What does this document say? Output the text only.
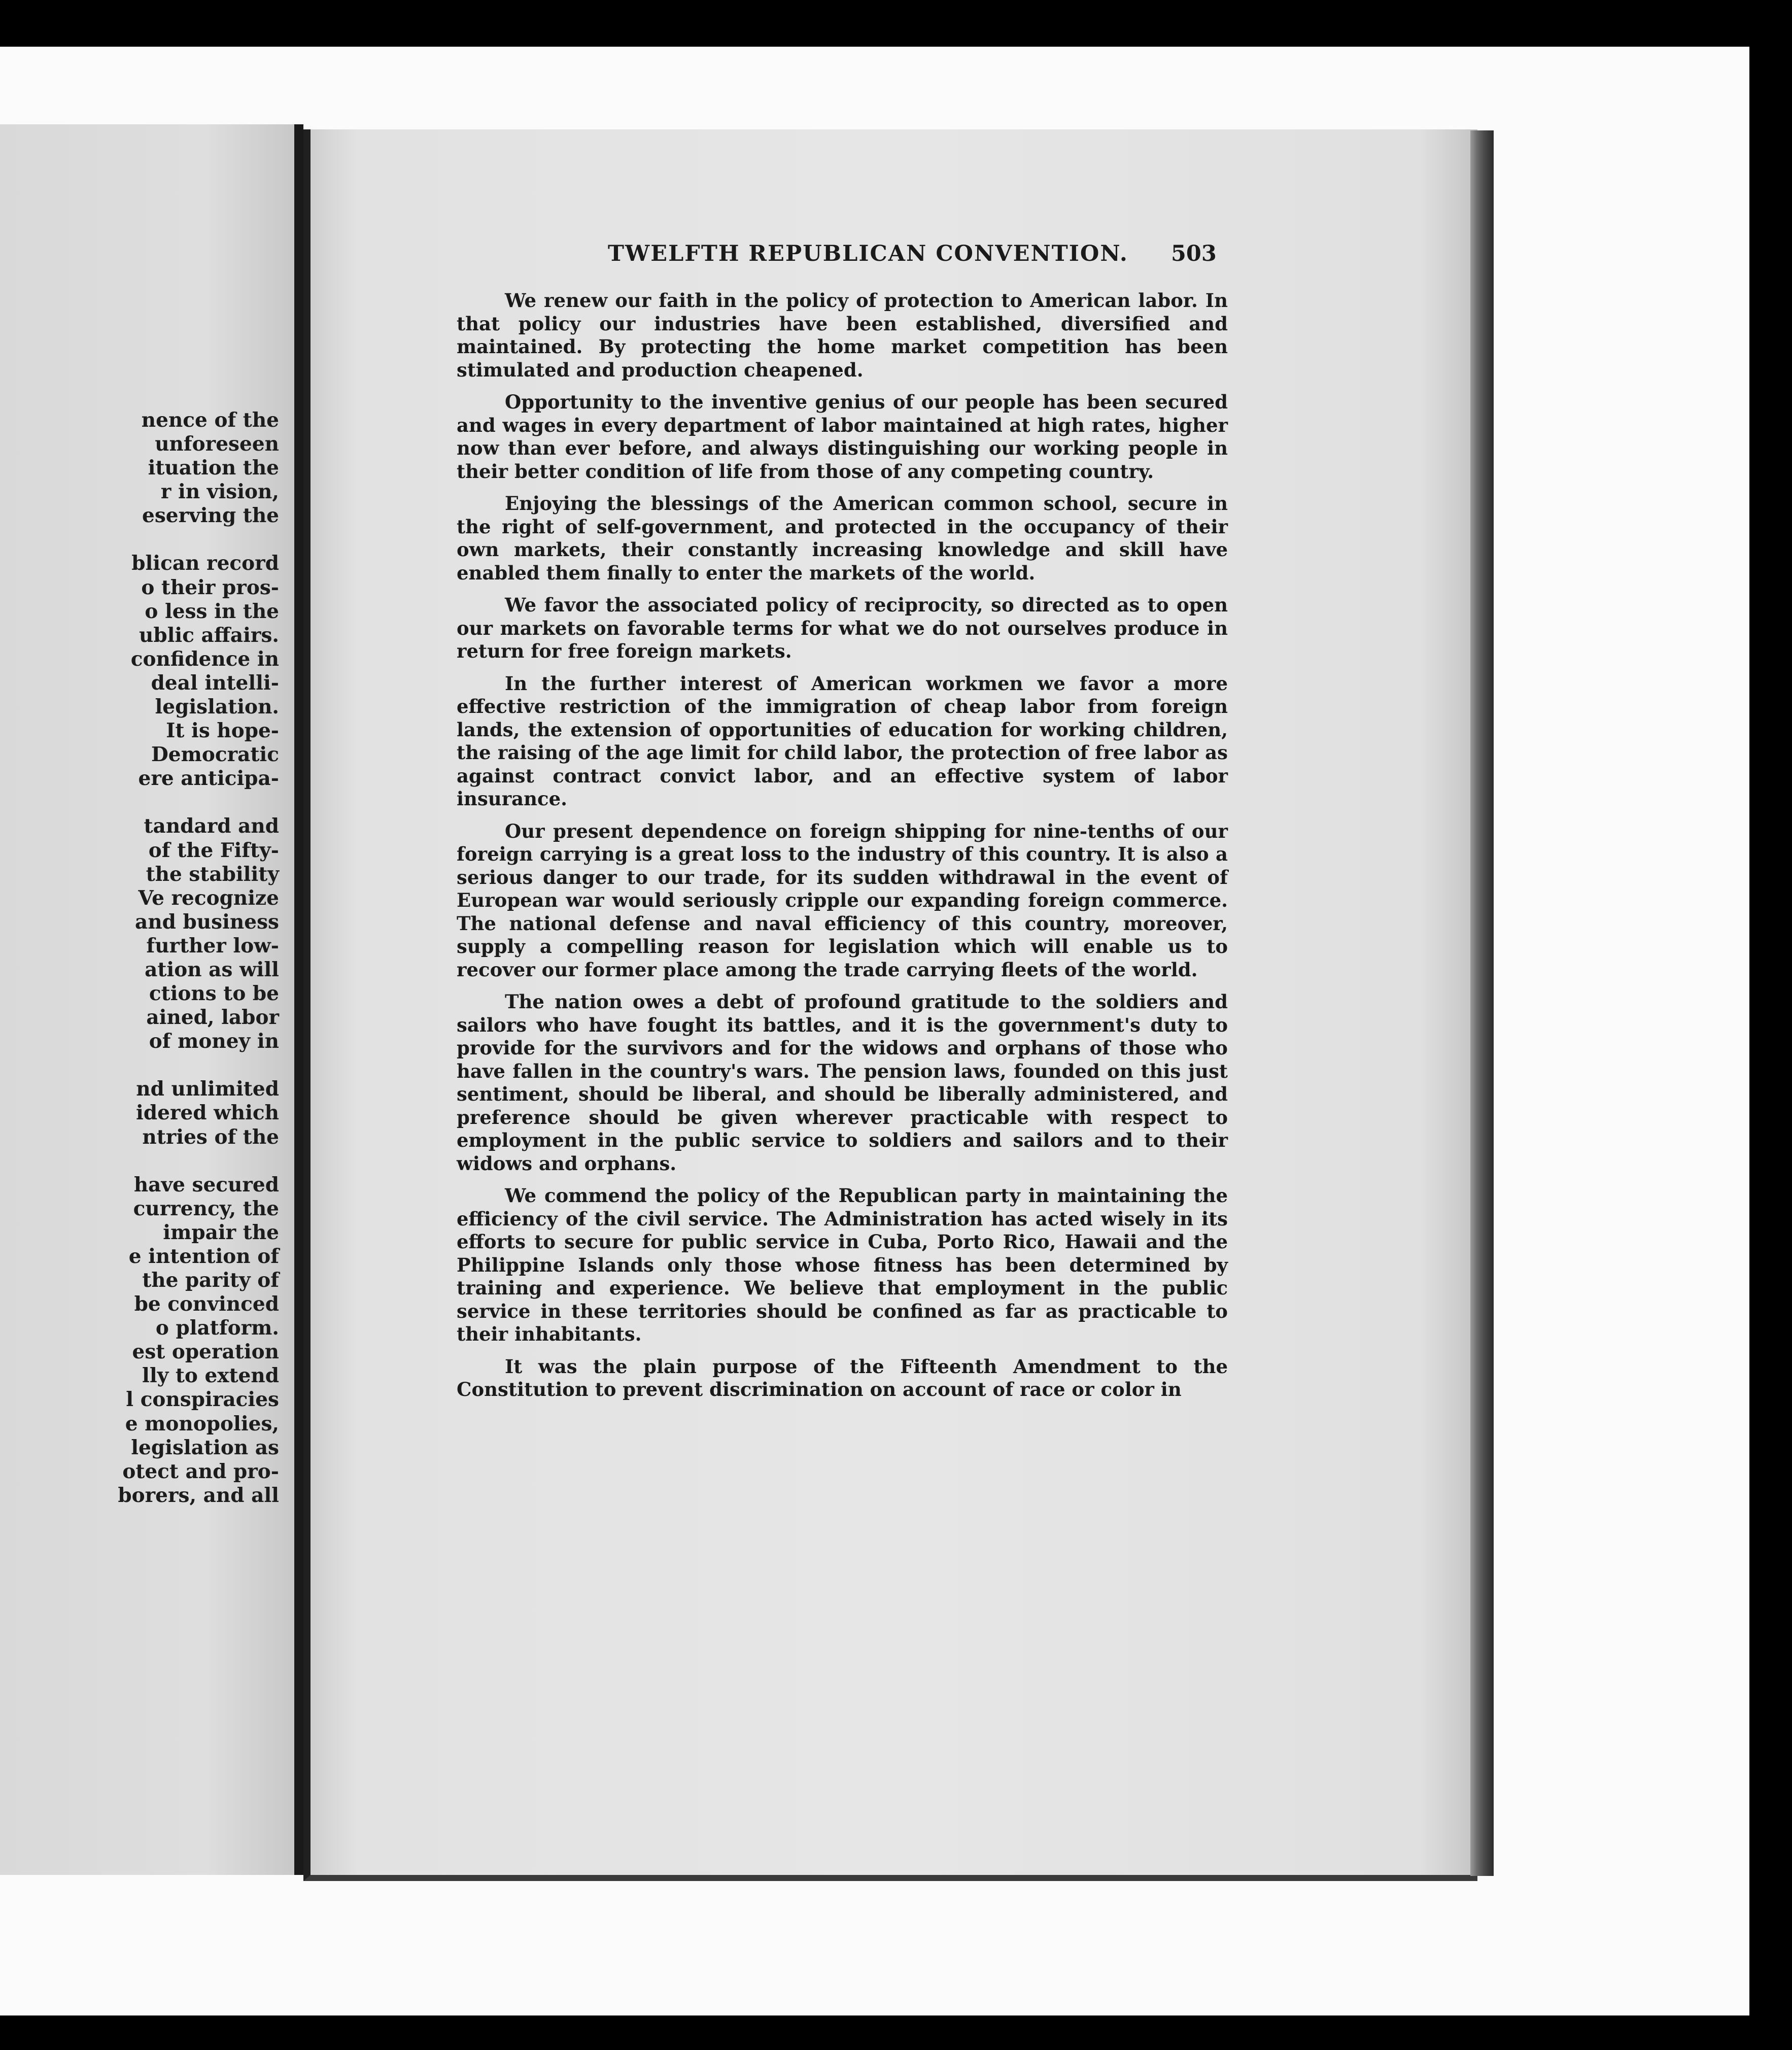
nence of the
unforeseen
ituation the
r in vision,
eserving the
blican record
o their pros-
o less in the
ublic affairs.
confidence in
deal intelli-
legislation.
It is hope-
Democratic
ere anticipa-
tandard and
of the Fifty-
the stability
Ve recognize
and business
further low-
ation as will
ctions to be
ained, labor
of money in
nd unlimited
idered which
ntries of the
have secured
currency, the
impair the
e intention of
the parity of
be convinced
o platform.
est operation
lly to extend
l conspiracies
e monopolies,
legislation as
otect and pro-
borers, and all
TWELFTH REPUBLICAN CONVENTION. 503

We renew our faith in the policy of protection to American labor. In that policy our industries have been established, diversified and maintained. By protecting the home market competition has been stimulated and production cheapened.

Opportunity to the inventive genius of our people has been secured and wages in every department of labor maintained at high rates, higher now than ever before, and always distinguishing our working people in their better condition of life from those of any competing country.

Enjoying the blessings of the American common school, secure in the right of self-government, and protected in the occupancy of their own markets, their constantly increasing knowledge and skill have enabled them finally to enter the markets of the world.

We favor the associated policy of reciprocity, so directed as to open our markets on favorable terms for what we do not ourselves produce in return for free foreign markets.

In the further interest of American workmen we favor a more effective restriction of the immigration of cheap labor from foreign lands, the extension of opportunities of education for working children, the raising of the age limit for child labor, the protection of free labor as against contract convict labor, and an effective system of labor insurance.

Our present dependence on foreign shipping for nine-tenths of our foreign carrying is a great loss to the industry of this country. It is also a serious danger to our trade, for its sudden withdrawal in the event of European war would seriously cripple our expanding foreign commerce. The national defense and naval efficiency of this country, moreover, supply a compelling reason for legislation which will enable us to recover our former place among the trade carrying fleets of the world.

The nation owes a debt of profound gratitude to the soldiers and sailors who have fought its battles, and it is the government's duty to provide for the survivors and for the widows and orphans of those who have fallen in the country's wars. The pension laws, founded on this just sentiment, should be liberal, and should be liberally administered, and preference should be given wherever practicable with respect to employment in the public service to soldiers and sailors and to their widows and orphans.

We commend the policy of the Republican party in maintaining the efficiency of the civil service. The Administration has acted wisely in its efforts to secure for public service in Cuba, Porto Rico, Hawaii and the Philippine Islands only those whose fitness has been determined by training and experience. We believe that employment in the public service in these territories should be confined as far as practicable to their inhabitants.

It was the plain purpose of the Fifteenth Amendment to the Constitution to prevent discrimination on account of race or color in
